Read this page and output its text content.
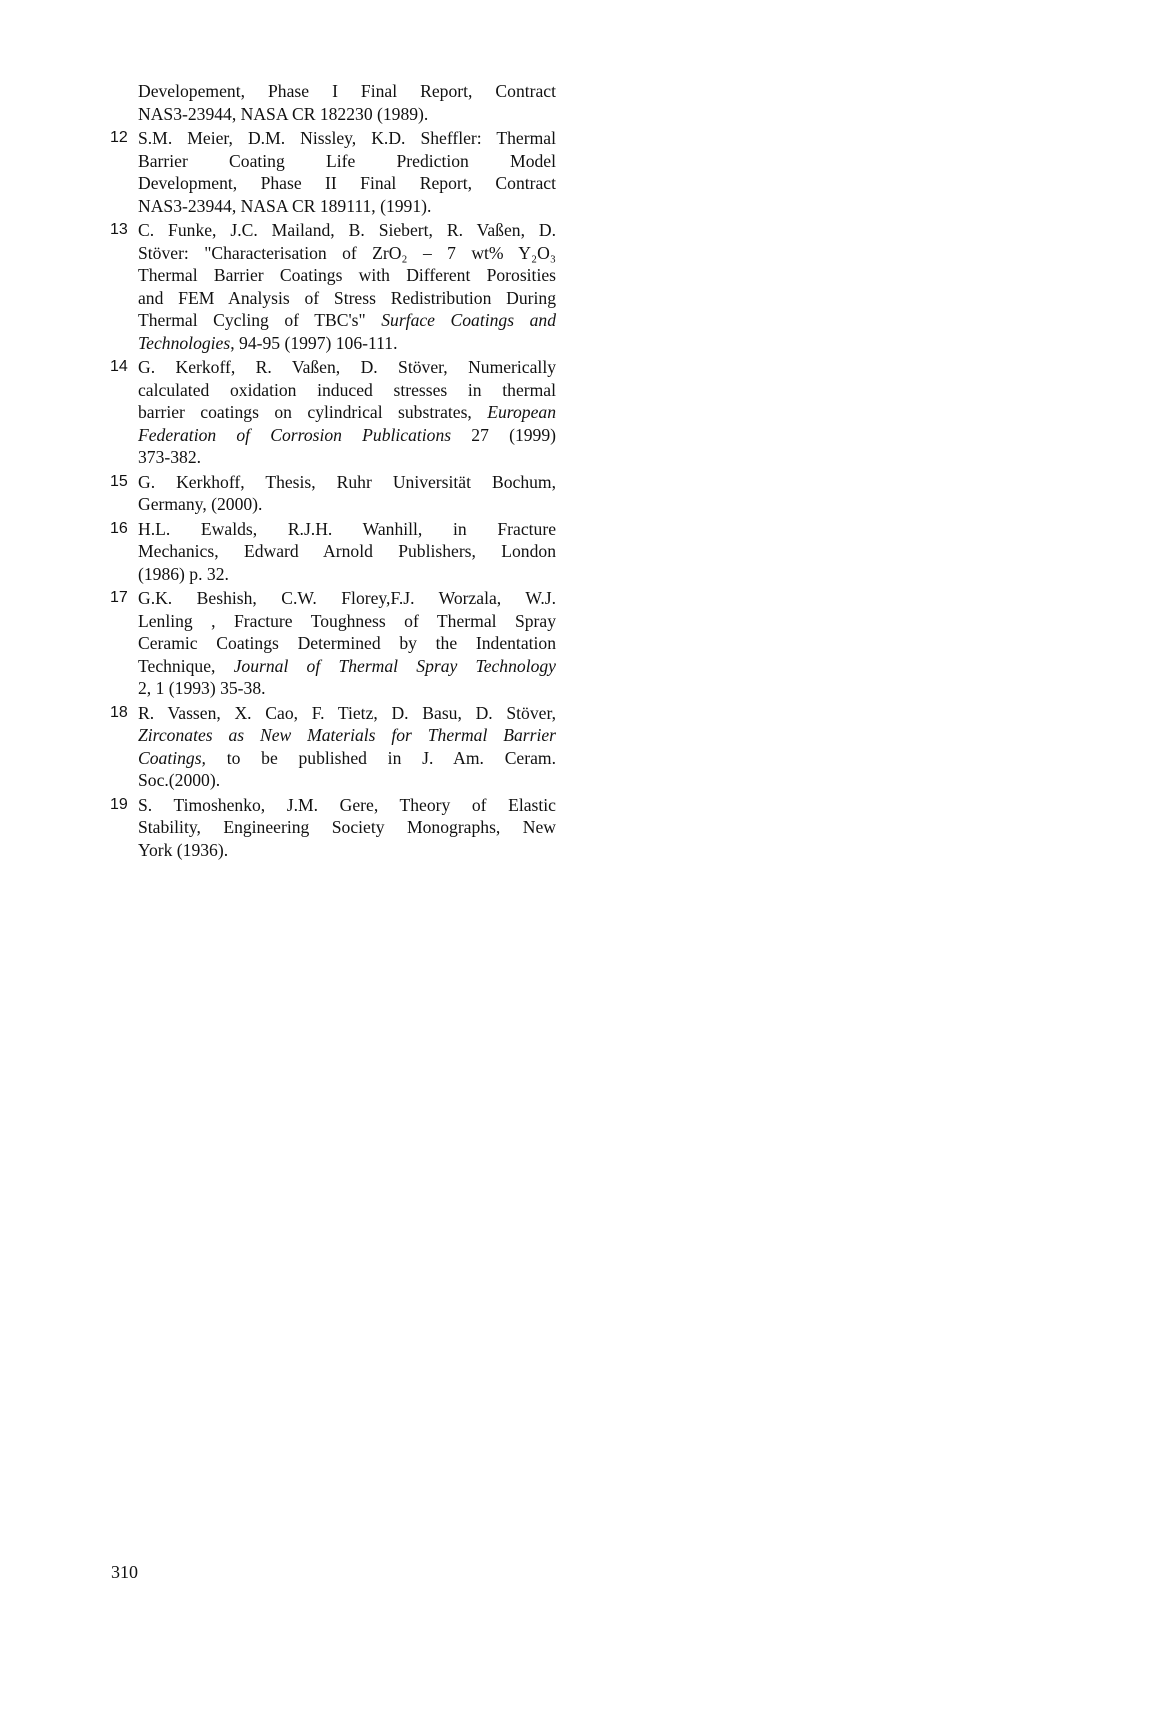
Developement, Phase I Final Report, Contract
NAS3-23944, NASA CR 182230 (1989).
12 S.M. Meier, D.M. Nissley, K.D. Sheffler: Thermal
Barrier Coating Life Prediction Model
Development, Phase II Final Report, Contract
NAS3-23944, NASA CR 189111, (1991).
13 C. Funke, J.C. Mailand, B. Siebert, R. Vaßen, D.
Stöver: "Characterisation of ZrO₂ – 7 wt% Y₂O₃
Thermal Barrier Coatings with Different Porosities
and FEM Analysis of Stress Redistribution During
Thermal Cycling of TBC's" Surface Coatings and
Technologies, 94-95 (1997) 106-111.
14 G. Kerkoff, R. Vaßen, D. Stöver, Numerically
calculated oxidation induced stresses in thermal
barrier coatings on cylindrical substrates, European
Federation of Corrosion Publications 27 (1999)
373-382.
15 G. Kerkhoff, Thesis, Ruhr Universität Bochum,
Germany, (2000).
16 H.L. Ewalds, R.J.H. Wanhill, in Fracture
Mechanics, Edward Arnold Publishers, London
(1986) p. 32.
17 G.K. Beshish, C.W. Florey,F.J. Worzala, W.J.
Lenling , Fracture Toughness of Thermal Spray
Ceramic Coatings Determined by the Indentation
Technique, Journal of Thermal Spray Technology
2, 1 (1993) 35-38.
18 R. Vassen, X. Cao, F. Tietz, D. Basu, D. Stöver,
Zirconates as New Materials for Thermal Barrier
Coatings, to be published in J. Am. Ceram.
Soc.(2000).
19 S. Timoshenko, J.M. Gere, Theory of Elastic
Stability, Engineering Society Monographs, New
York (1936).
310
